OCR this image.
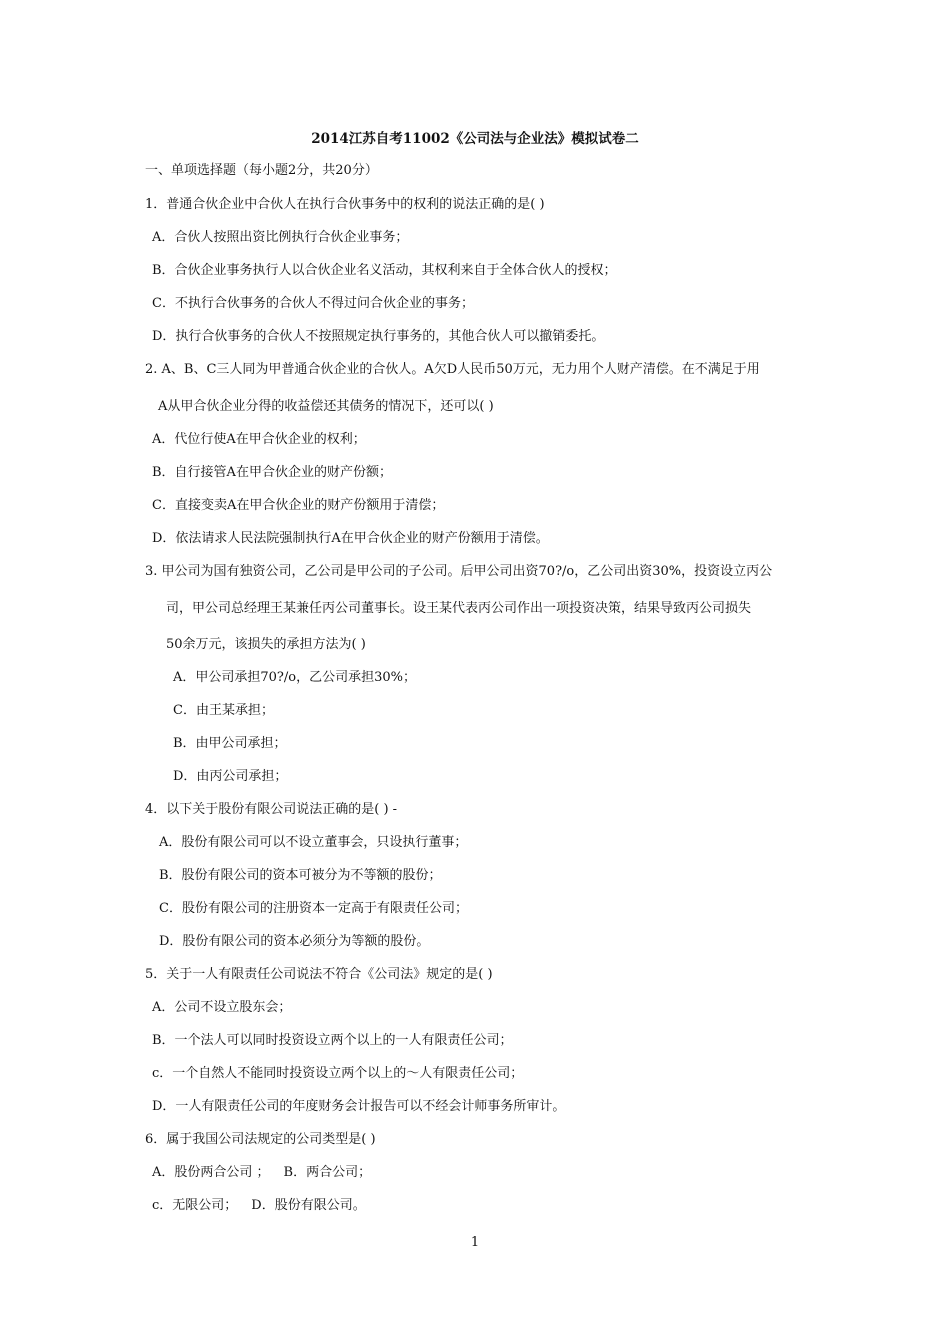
2014江苏自考11002《公司法与企业法》模拟试卷二
一、单项选择题（每小题2分，共20分）
1．普通合伙企业中合伙人在执行合伙事务中的权利的说法正确的是( )
A．合伙人按照出资比例执行合伙企业事务；
B．合伙企业事务执行人以合伙企业名义活动，其权利来自于全体合伙人的授权；
C．不执行合伙事务的合伙人不得过问合伙企业的事务；
D．执行合伙事务的合伙人不按照规定执行事务的，其他合伙人可以撤销委托。
2. A、B、C三人同为甲普通合伙企业的合伙人。A欠D人民币50万元，无力用个人财产清偿。在不满足于用
A从甲合伙企业分得的收益偿还其债务的情况下，还可以( )
A．代位行使A在甲合伙企业的权利；
B．自行接管A在甲合伙企业的财产份额；
C．直接变卖A在甲合伙企业的财产份额用于清偿；
D．依法请求人民法院强制执行A在甲合伙企业的财产份额用于清偿。
3. 甲公司为国有独资公司，乙公司是甲公司的子公司。后甲公司出资70?/o，乙公司出资30%，投资设立丙公
司，甲公司总经理王某兼任丙公司董事长。设王某代表丙公司作出一项投资决策，结果导致丙公司损失
50余万元，该损失的承担方法为( )
A．甲公司承担70?/o，乙公司承担30%；
C．由王某承担；
B．由甲公司承担；
D．由丙公司承担；
4．以下关于股份有限公司说法正确的是( ) -
A．股份有限公司可以不设立董事会，只设执行董事；
B．股份有限公司的资本可被分为不等额的股份；
C．股份有限公司的注册资本一定高于有限责任公司；
D．股份有限公司的资本必须分为等额的股份。
5．关于一人有限责任公司说法不符合《公司法》规定的是( )
A．公司不设立股东会；
B．一个法人可以同时投资设立两个以上的一人有限责任公司；
c．一个自然人不能同时投资设立两个以上的～人有限责任公司；
D．一人有限责任公司的年度财务会计报告可以不经会计师事务所审计。
6．属于我国公司法规定的公司类型是( )
A．股份两合公司 ； B．两合公司；
c．无限公司； D．股份有限公司。
1
